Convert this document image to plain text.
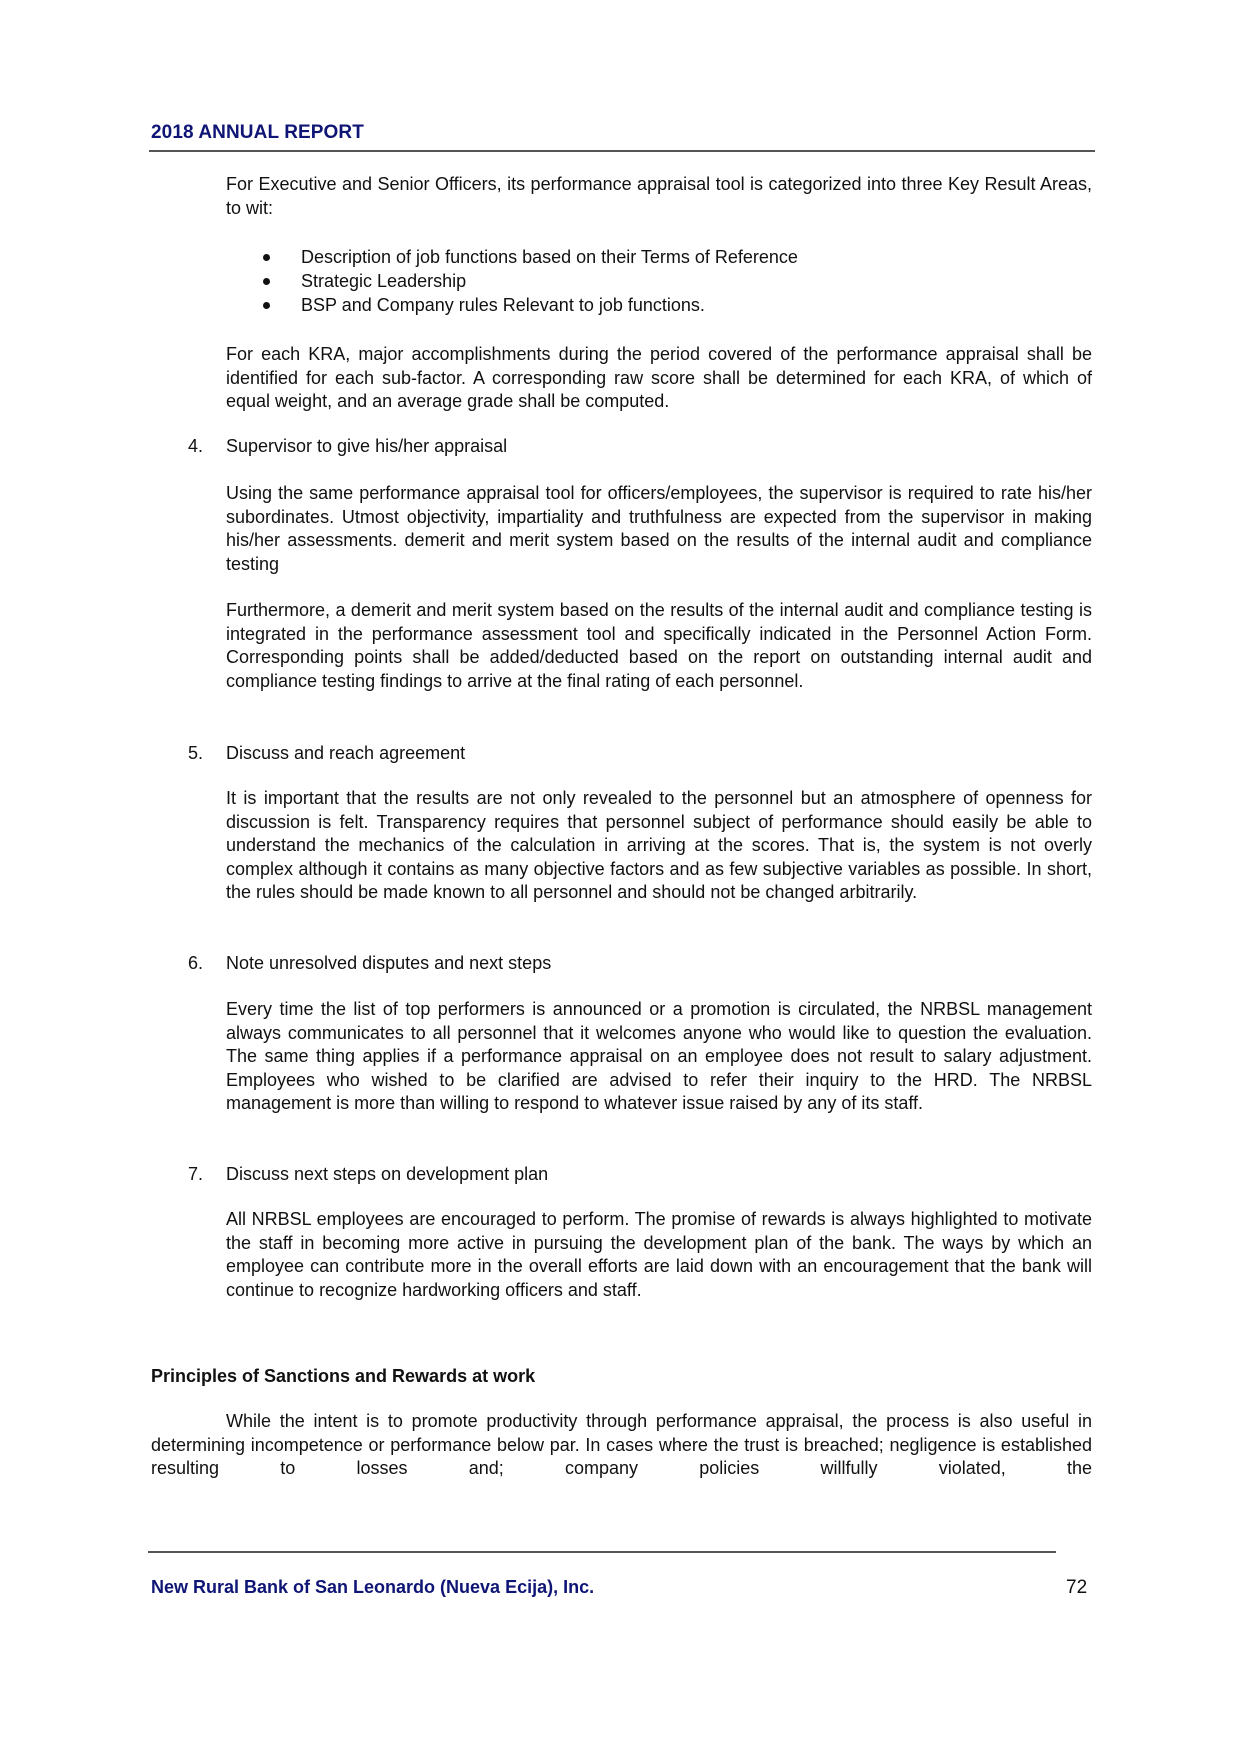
2018 ANNUAL REPORT
For Executive and Senior Officers, its performance appraisal tool is categorized into three Key Result Areas, to wit:
Description of job functions based on their Terms of Reference
Strategic Leadership
BSP and Company rules Relevant to job functions.
For each KRA, major accomplishments during the period covered of the performance appraisal shall be identified for each sub-factor. A corresponding raw score shall be determined for each KRA, of which of equal weight, and an average grade shall be computed.
4. Supervisor to give his/her appraisal
Using the same performance appraisal tool for officers/employees, the supervisor is required to rate his/her subordinates. Utmost objectivity, impartiality and truthfulness are expected from the supervisor in making his/her assessments. demerit and merit system based on the results of the internal audit and compliance testing
Furthermore, a demerit and merit system based on the results of the internal audit and compliance testing is integrated in the performance assessment tool and specifically indicated in the Personnel Action Form. Corresponding points shall be added/deducted based on the report on outstanding internal audit and compliance testing findings to arrive at the final rating of each personnel.
5. Discuss and reach agreement
It is important that the results are not only revealed to the personnel but an atmosphere of openness for discussion is felt. Transparency requires that personnel subject of performance should easily be able to understand the mechanics of the calculation in arriving at the scores. That is, the system is not overly complex although it contains as many objective factors and as few subjective variables as possible. In short, the rules should be made known to all personnel and should not be changed arbitrarily.
6. Note unresolved disputes and next steps
Every time the list of top performers is announced or a promotion is circulated, the NRBSL management always communicates to all personnel that it welcomes anyone who would like to question the evaluation. The same thing applies if a performance appraisal on an employee does not result to salary adjustment. Employees who wished to be clarified are advised to refer their inquiry to the HRD. The NRBSL management is more than willing to respond to whatever issue raised by any of its staff.
7. Discuss next steps on development plan
All NRBSL employees are encouraged to perform. The promise of rewards is always highlighted to motivate the staff in becoming more active in pursuing the development plan of the bank. The ways by which an employee can contribute more in the overall efforts are laid down with an encouragement that the bank will continue to recognize hardworking officers and staff.
Principles of Sanctions and Rewards at work
While the intent is to promote productivity through performance appraisal, the process is also useful in determining incompetence or performance below par. In cases where the trust is breached; negligence is established resulting to losses and; company policies willfully violated, the
New Rural Bank of San Leonardo (Nueva Ecija), Inc.	72
